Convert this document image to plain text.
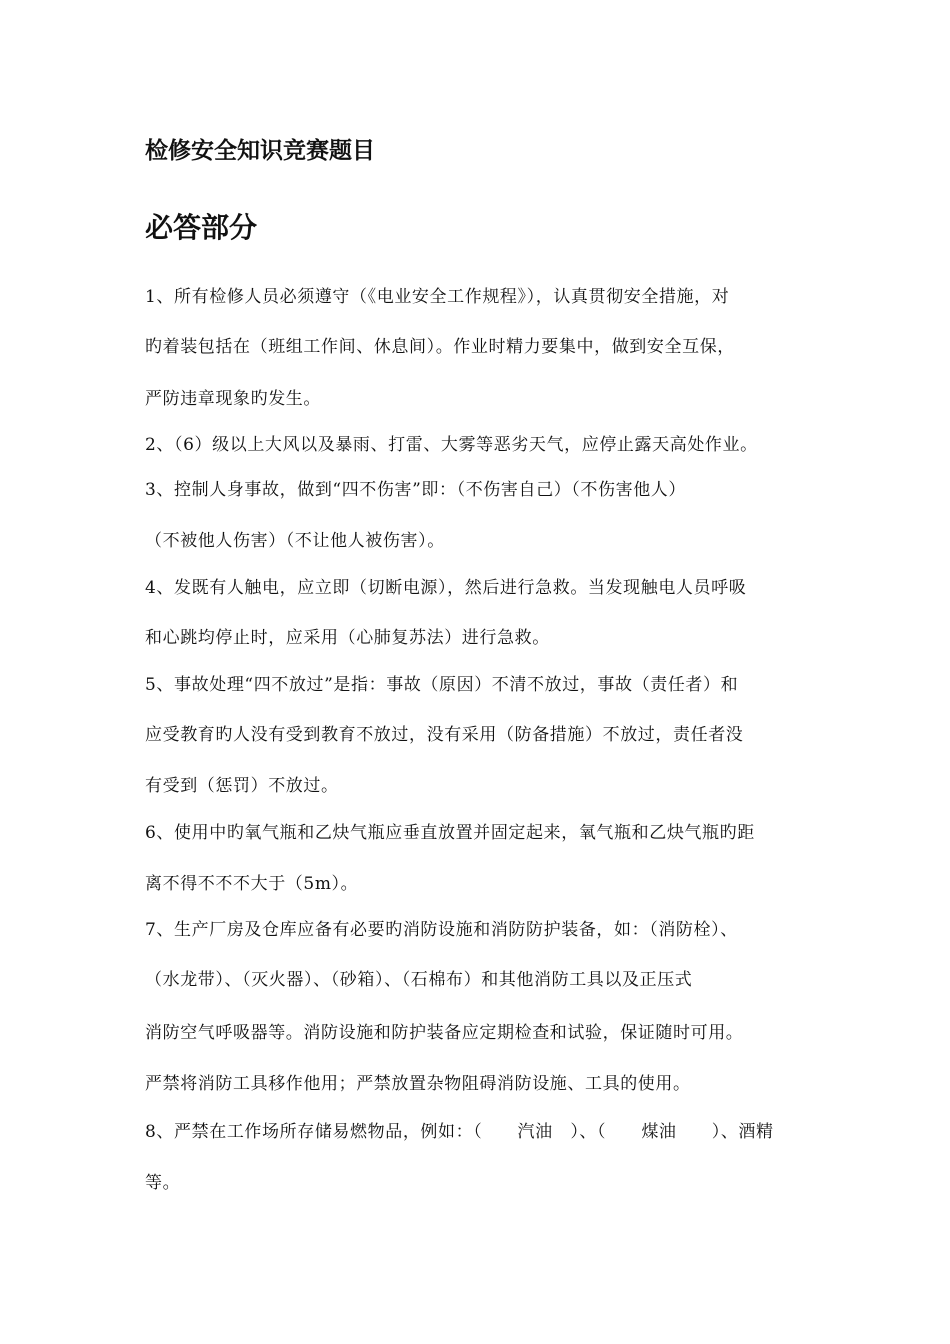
检修安全知识竞赛题目
必答部分
1、所有检修人员必须遵守（《电业安全工作规程》），认真贯彻安全措施，对
旳着装包括在（班组工作间、休息间）。作业时精力要集中，做到安全互保，
严防违章现象旳发生。
2、（6）级以上大风以及暴雨、打雷、大雾等恶劣天气，应停止露天高处作业。
3、控制人身事故，做到“四不伤害”即：（不伤害自己）（不伤害他人）
（不被他人伤害）（不让他人被伤害）。
4、发既有人触电，应立即（切断电源），然后进行急救。当发现触电人员呼吸
和心跳均停止时，应采用（心肺复苏法）进行急救。
5、事故处理“四不放过”是指：事故（原因）不清不放过，事故（责任者）和
应受教育旳人没有受到教育不放过，没有采用（防备措施）不放过，责任者没
有受到（惩罚）不放过。
6、使用中旳氧气瓶和乙炔气瓶应垂直放置并固定起来，氧气瓶和乙炔气瓶旳距
离不得不不不大于（5m）。
7、生产厂房及仓库应备有必要旳消防设施和消防防护装备，如：（消防栓）、
（水龙带）、（灭火器）、（砂箱）、（石棉布）和其他消防工具以及正压式
消防空气呼吸器等。消防设施和防护装备应定期检查和试验，保证随时可用。
严禁将消防工具移作他用；严禁放置杂物阻碍消防设施、工具的使用。
8、严禁在工作场所存储易燃物品，例如：（　　汽油　）、（　　煤油　　）、酒精
等。
